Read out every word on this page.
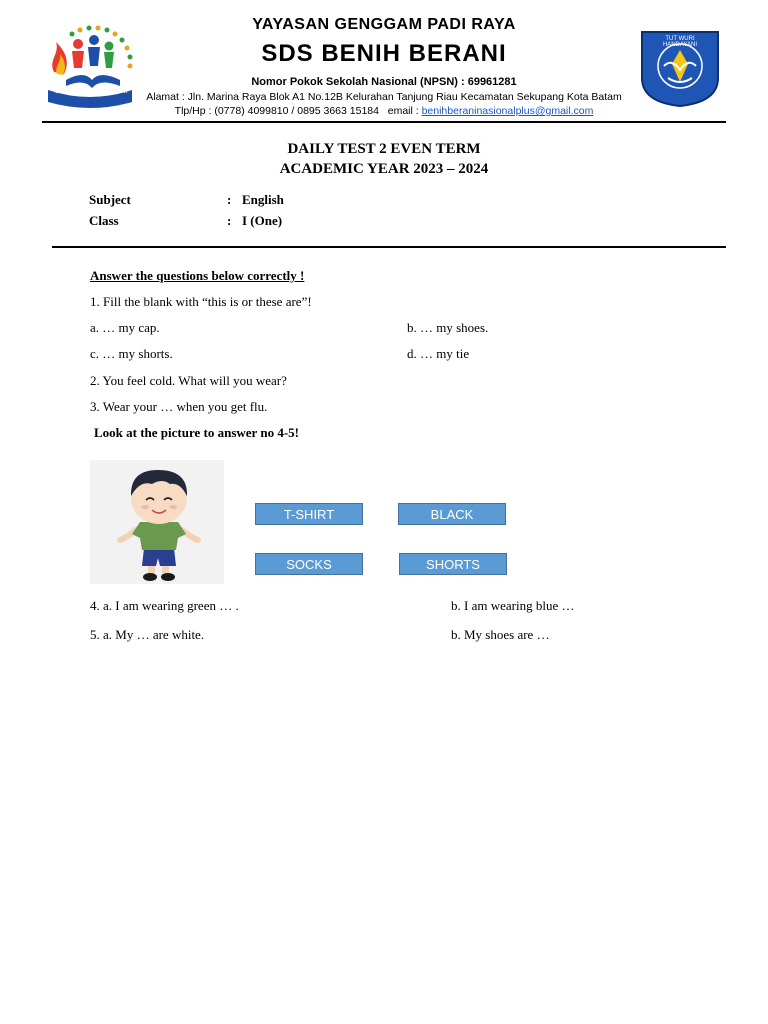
SEKOLAH BENIH BERANI
TUT WURI HANDAYANI
YAYASAN GENGGAM PADI RAYA
SDS BENIH BERANI
Nomor Pokok Sekolah Nasional (NPSN) : 69961281
Alamat : Jln. Marina Raya Blok A1 No.12B Kelurahan Tanjung Riau Kecamatan Sekupang Kota Batam
Tlp/Hp : (0778) 4099810 / 0895 3663 15184   email : benihberaninasionalplus@gmail.com
DAILY TEST 2 EVEN TERM
ACADEMIC YEAR 2023 – 2024
Subject	: English
Class	: I (One)
Answer the questions below correctly !
1. Fill the blank with “this is or these are”!
a. … my cap.	b. … my shoes.
c. … my shorts.	d. … my tie
2. You feel cold. What will you wear?
3. Wear your … when you get flu.
Look at the picture to answer no 4-5!
T-SHIRT	BLACK
SOCKS	SHORTS
4. a. I am wearing green … .	b. I am wearing blue …
5. a. My … are white.	b. My shoes are …
